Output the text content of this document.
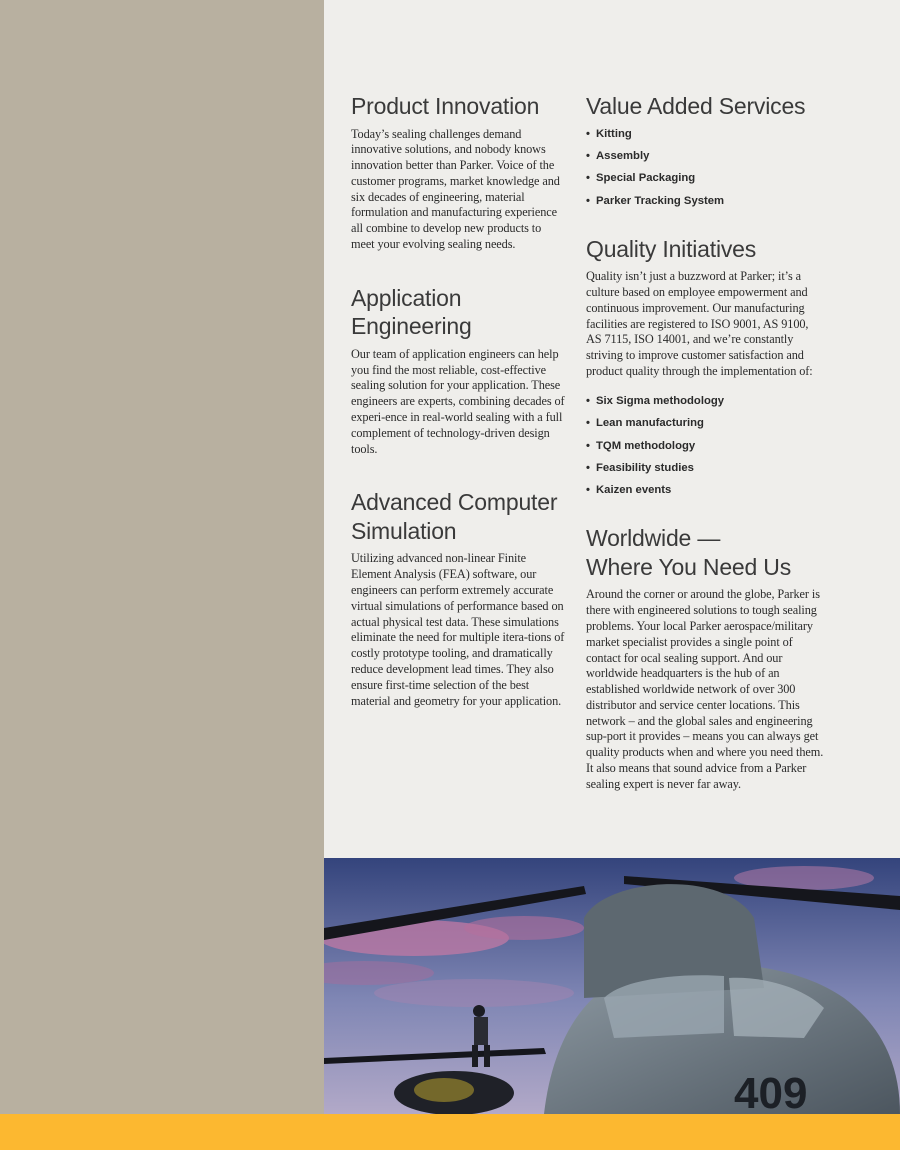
Product Innovation

Today’s sealing challenges demand innovative solutions, and nobody knows innovation better than Parker. Voice of the customer programs, market knowledge and six decades of engineering, material formulation and manufacturing experience all combine to develop new products to meet your evolving sealing needs.

Application Engineering

Our team of application engineers can help you find the most reliable, cost-effective sealing solution for your application. These engineers are experts, combining decades of experi-ence in real-world sealing with a full complement of technology-driven design tools.

Advanced Computer Simulation

Utilizing advanced non-linear Finite Element Analysis (FEA) software, our engineers can perform extremely accurate virtual simulations of performance based on actual physical test data. These simulations eliminate the need for multiple itera-tions of costly prototype tooling, and dramatically reduce development lead times. They also ensure first-time selection of the best material and geometry for your application.

Value Added Services
• Kitting
• Assembly
• Special Packaging
• Parker Tracking System
Quality Initiatives

Quality isn’t just a buzzword at Parker; it’s a culture based on employee empowerment and continuous improvement. Our manufacturing facilities are registered to ISO 9001, AS 9100, AS 7115, ISO 14001, and we’re constantly striving to improve customer satisfaction and product quality through the implementation of:

• Six Sigma methodology
• Lean manufacturing
• TQM methodology
• Feasibility studies
• Kaizen events
Worldwide —
Where You Need Us

Around the corner or around the globe, Parker is there with engineered solutions to tough sealing problems. Your local Parker aerospace/military market specialist provides a single point of contact for ocal sealing support. And our worldwide headquarters is the hub of an established worldwide network of over 300 distributor and service center locations. This network – and the global sales and engineering sup-port it provides – means you can always get quality products when and where you need them. It also means that sound advice from a Parker sealing expert is never far away.

409
